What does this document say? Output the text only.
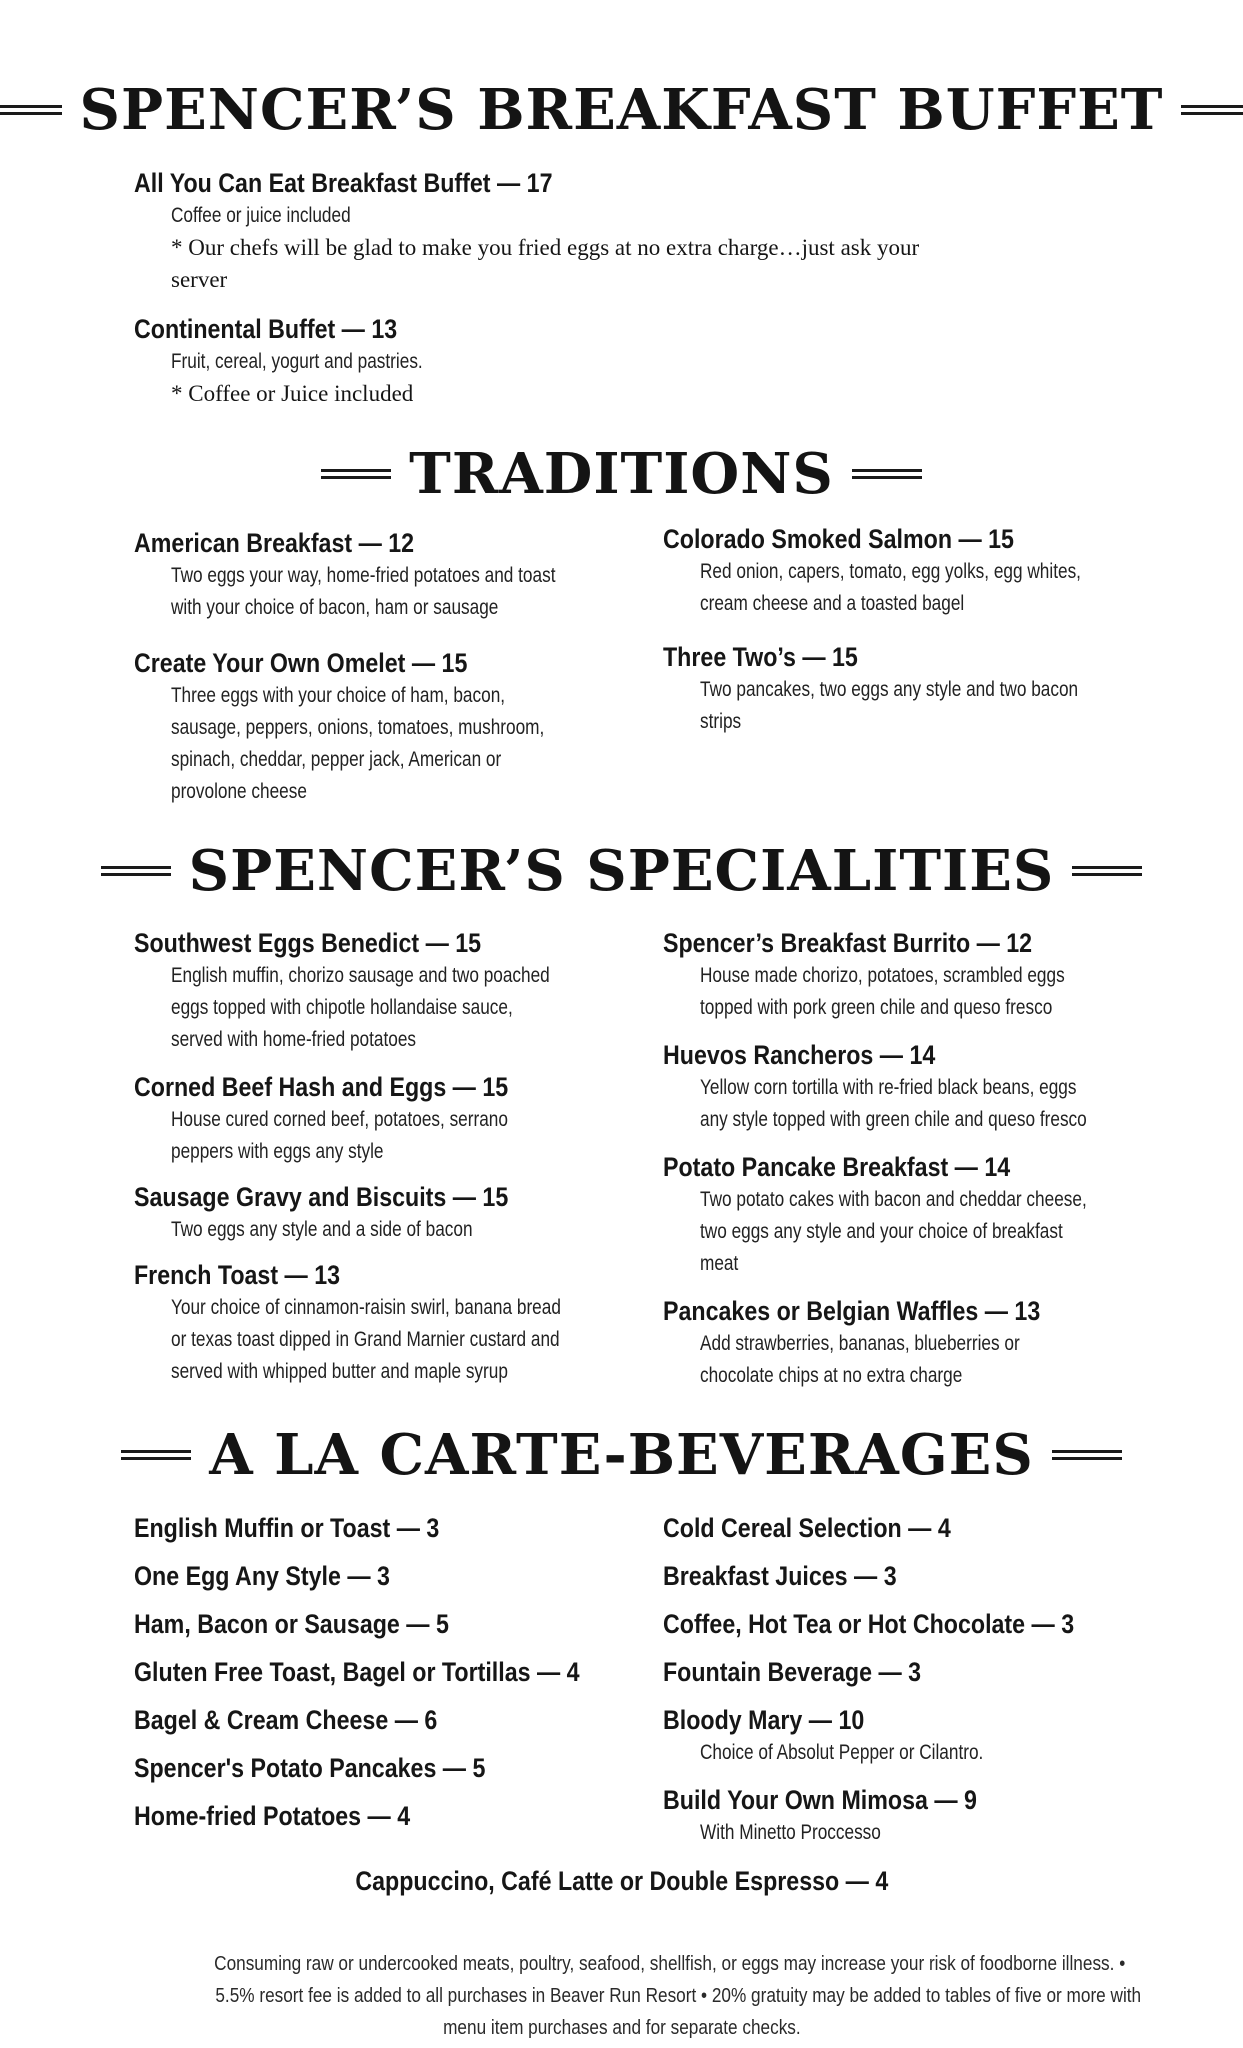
SPENCER’S BREAKFAST BUFFET
All You Can Eat Breakfast Buffet — 17
Coffee or juice included
* Our chefs will be glad to make you fried eggs at no extra charge…just ask your
server
Continental Buffet — 13
Fruit, cereal, yogurt and pastries.
* Coffee or Juice included
TRADITIONS
American Breakfast — 12
Two eggs your way, home-fried potatoes and toast
with your choice of bacon, ham or sausage
Create Your Own Omelet — 15
Three eggs with your choice of ham, bacon,
sausage, peppers, onions, tomatoes, mushroom,
spinach, cheddar, pepper jack, American or
provolone cheese
Colorado Smoked Salmon — 15
Red onion, capers, tomato, egg yolks, egg whites,
cream cheese and a toasted bagel
Three Two’s — 15
Two pancakes, two eggs any style and two bacon
strips
SPENCER’S SPECIALITIES
Southwest Eggs Benedict — 15
English muffin, chorizo sausage and two poached
eggs topped with chipotle hollandaise sauce,
served with home-fried potatoes
Corned Beef Hash and Eggs — 15
House cured corned beef, potatoes, serrano
peppers with eggs any style
Sausage Gravy and Biscuits — 15
Two eggs any style and a side of bacon
French Toast — 13
Your choice of cinnamon-raisin swirl, banana bread
or texas toast dipped in Grand Marnier custard and
served with whipped butter and maple syrup
Spencer’s Breakfast Burrito — 12
House made chorizo, potatoes, scrambled eggs
topped with pork green chile and queso fresco
Huevos Rancheros — 14
Yellow corn tortilla with re-fried black beans, eggs
any style topped with green chile and queso fresco
Potato Pancake Breakfast — 14
Two potato cakes with bacon and cheddar cheese,
two eggs any style and your choice of breakfast
meat
Pancakes or Belgian Waffles — 13
Add strawberries, bananas, blueberries or
chocolate chips at no extra charge
A LA CARTE-BEVERAGES
English Muffin or Toast — 3
One Egg Any Style — 3
Ham, Bacon or Sausage — 5
Gluten Free Toast, Bagel or Tortillas — 4
Bagel & Cream Cheese — 6
Spencer's Potato Pancakes — 5
Home-fried Potatoes — 4
Cold Cereal Selection — 4
Breakfast Juices — 3
Coffee, Hot Tea or Hot Chocolate — 3
Fountain Beverage — 3
Bloody Mary — 10
Choice of Absolut Pepper or Cilantro.
Build Your Own Mimosa — 9
With Minetto Proccesso
Cappuccino, Café Latte or Double Espresso — 4
Consuming raw or undercooked meats, poultry, seafood, shellfish, or eggs may increase your risk of foodborne illness. •
5.5% resort fee is added to all purchases in Beaver Run Resort • 20% gratuity may be added to tables of five or more with
menu item purchases and for separate checks.
